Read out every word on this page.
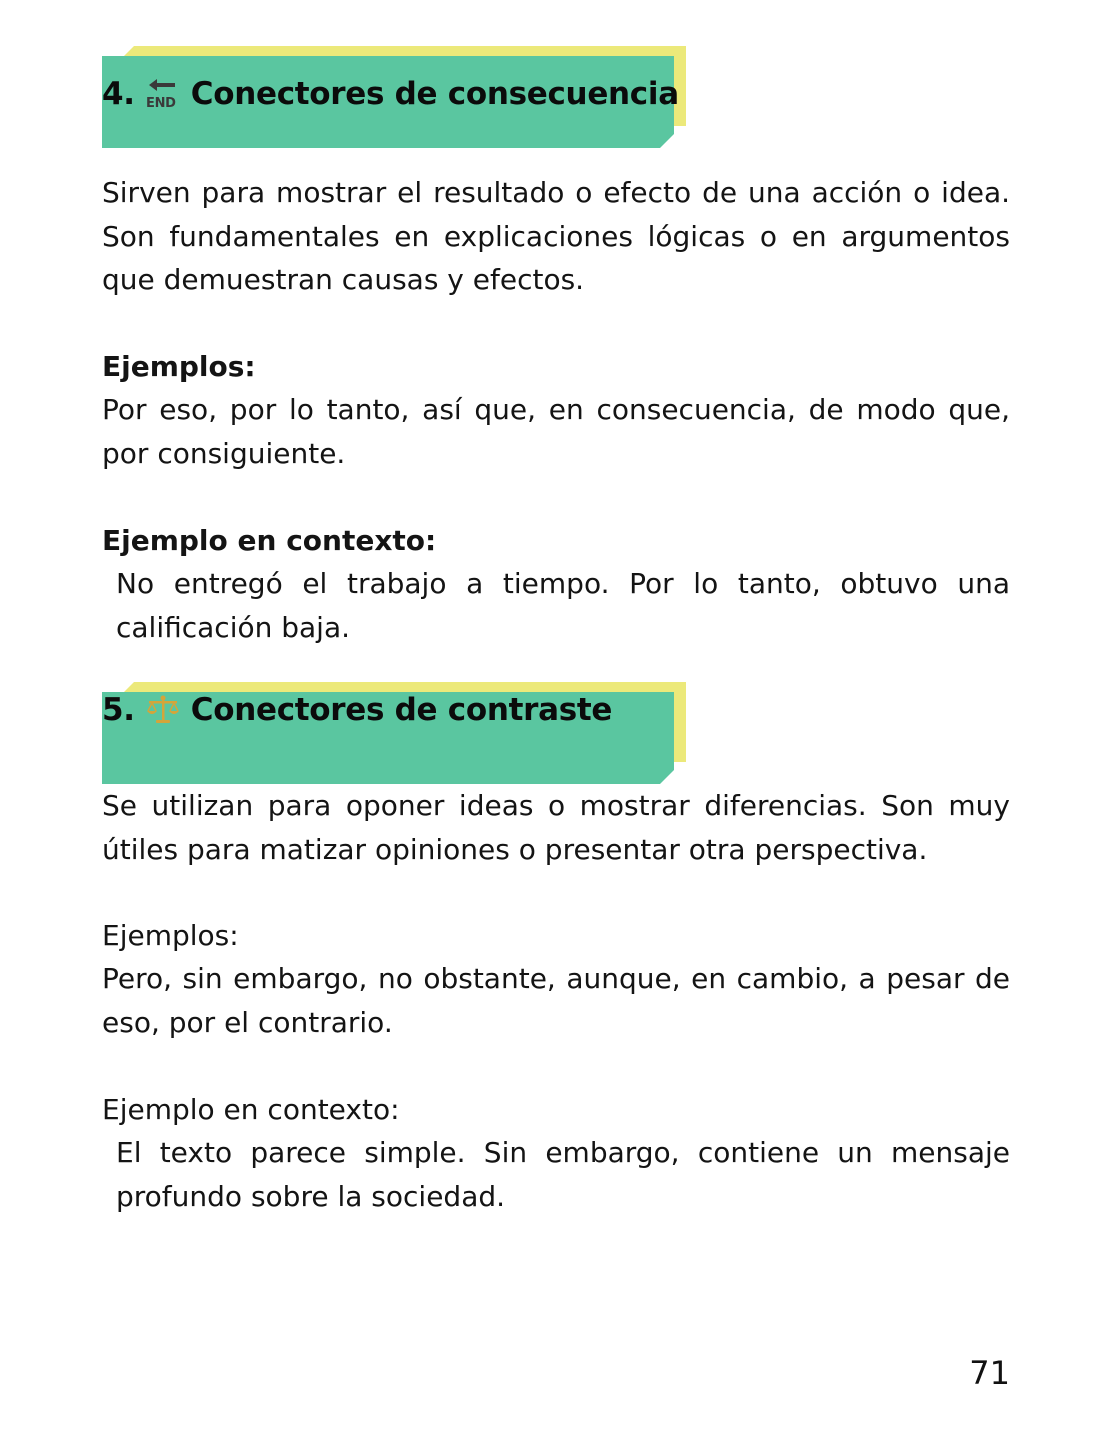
4. END Conectores de consecuencia

Sirven para mostrar el resultado o efecto de una acción o idea. Son fundamentales en explicaciones lógicas o en argumentos que demuestran causas y efectos.

Ejemplos:

Por eso, por lo tanto, así que, en consecuencia, de modo que, por consiguiente.

Ejemplo en contexto:

No entregó el trabajo a tiempo. Por lo tanto, obtuvo una calificación baja.

5. Conectores de contraste

Se utilizan para oponer ideas o mostrar diferencias. Son muy útiles para matizar opiniones o presentar otra perspectiva.

Ejemplos:

Pero, sin embargo, no obstante, aunque, en cambio, a pesar de eso, por el contrario.

Ejemplo en contexto:

El texto parece simple. Sin embargo, contiene un mensaje profundo sobre la sociedad.

71
